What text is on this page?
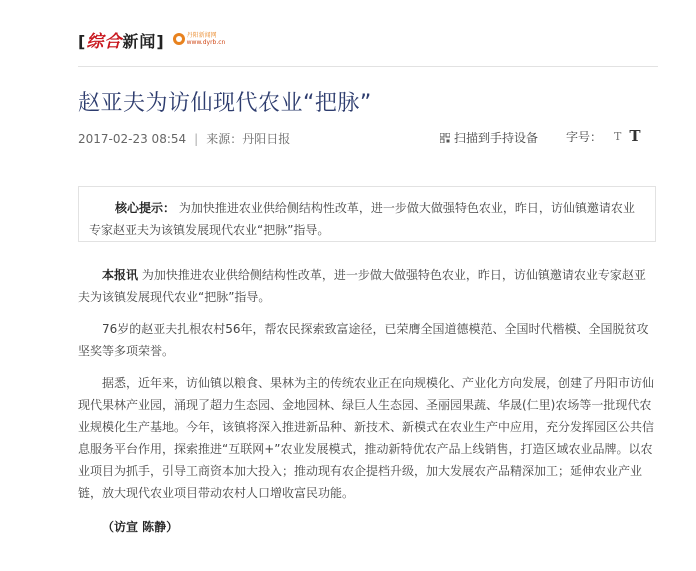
[综合新闻]	丹阳新闻网
www.dyrb.cn
赵亚夫为访仙现代农业“把脉”
2017-02-23 08:54 | 来源：丹阳日报	扫描到手持设备 字号： T T

核心提示： 为加快推进农业供给侧结构性改革，进一步做大做强特色农业，昨日，访仙镇邀请农业专家赵亚夫为该镇发展现代农业“把脉”指导。

本报讯 为加快推进农业供给侧结构性改革，进一步做大做强特色农业，昨日，访仙镇邀请农业专家赵亚夫为该镇发展现代农业“把脉”指导。

76岁的赵亚夫扎根农村56年，帮农民探索致富途径，已荣膺全国道德模范、全国时代楷模、全国脱贫攻坚奖等多项荣誉。

据悉，近年来，访仙镇以粮食、果林为主的传统农业正在向规模化、产业化方向发展，创建了丹阳市访仙现代果林产业园，涌现了超力生态园、金地园林、绿巨人生态园、圣丽园果蔬、华晟(仁里)农场等一批现代农业规模化生产基地。今年，该镇将深入推进新品种、新技术、新模式在农业生产中应用，充分发挥园区公共信息服务平台作用，探索推进“互联网+”农业发展模式，推动新特优农产品上线销售，打造区域农业品牌。以农业项目为抓手，引导工商资本加大投入；推动现有农企提档升级，加大发展农产品精深加工；延伸农业产业链，放大现代农业项目带动农村人口增收富民功能。

（访宣 陈静）
